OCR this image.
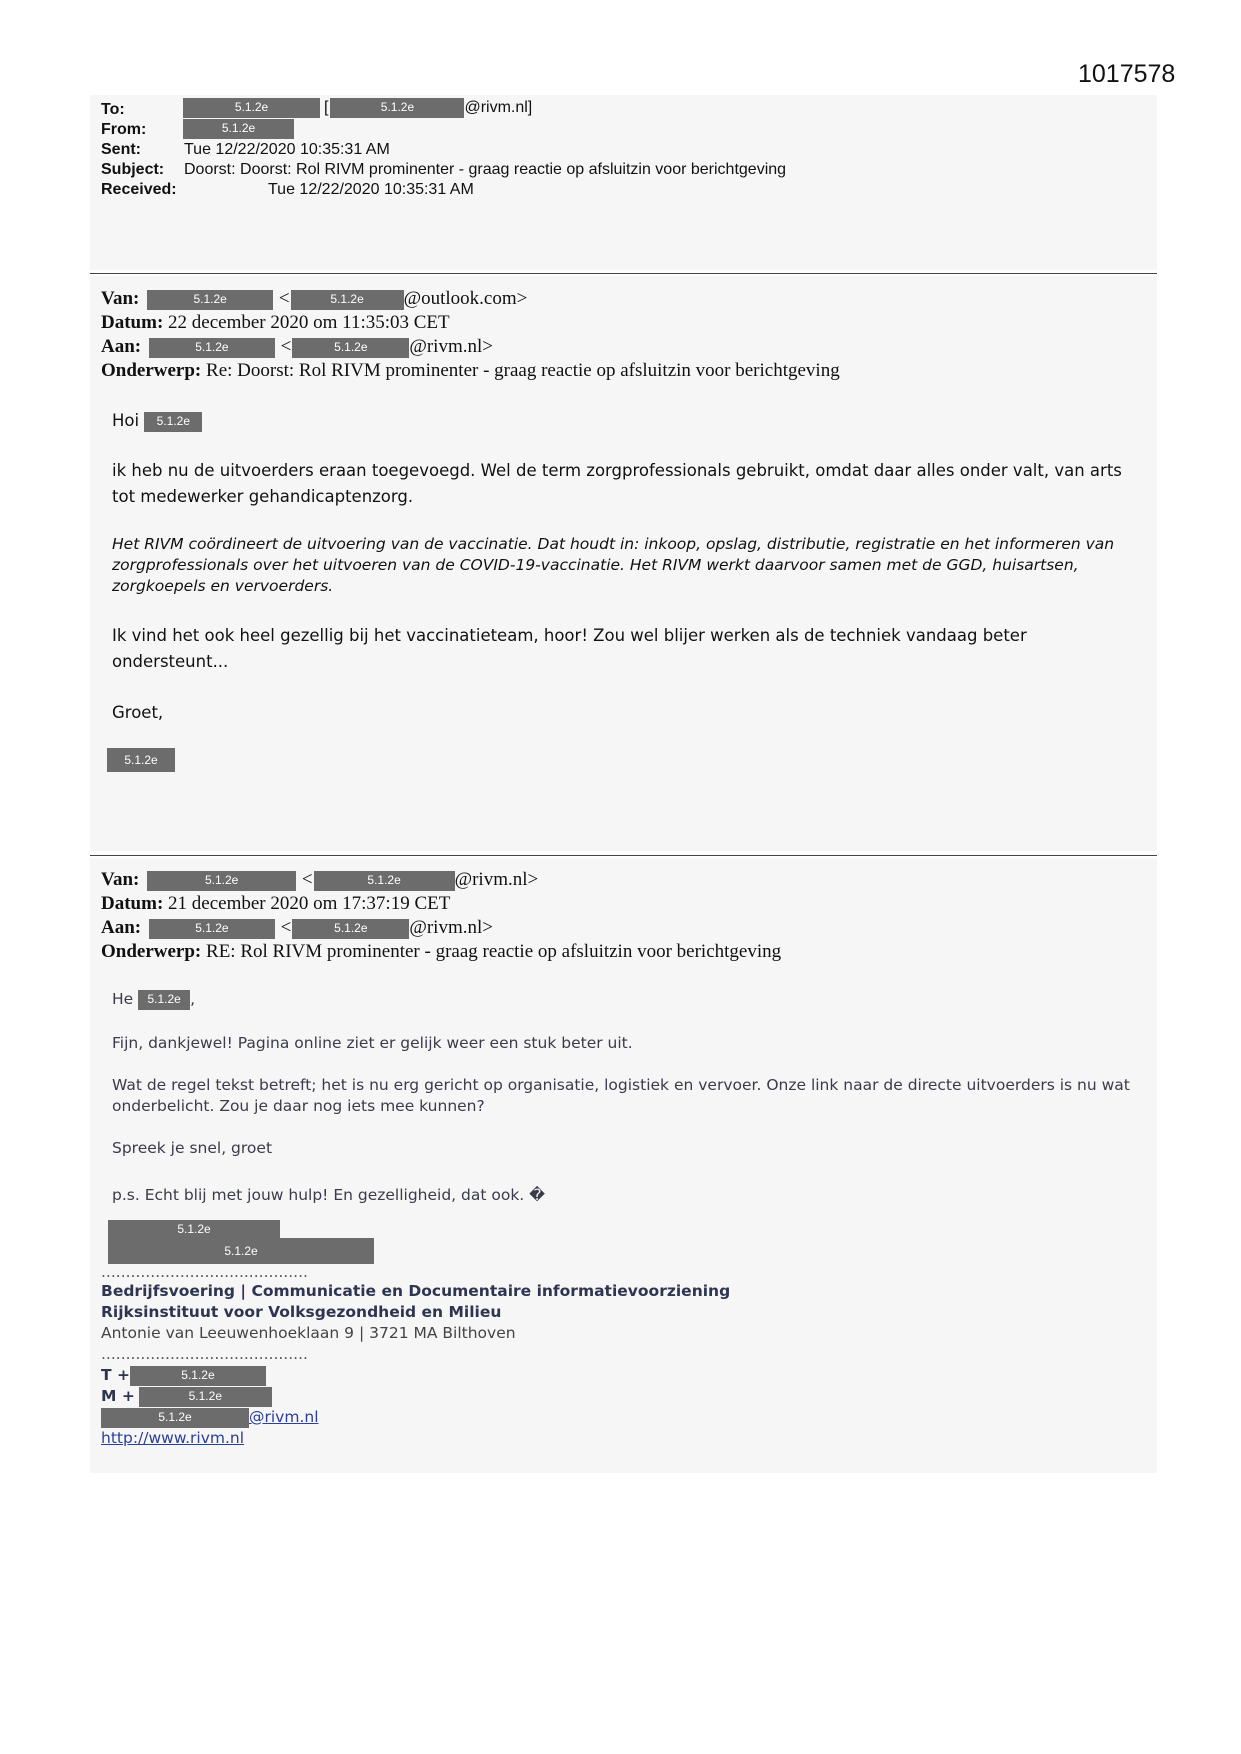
1017578
To:	5.1.2e	[	5.1.2e	@rivm.nl]
From:	5.1.2e
Sent:	Tue 12/22/2020 10:35:31 AM
Subject: Doorst: Doorst: Rol RIVM prominenter - graag reactie op afsluitzin voor berichtgeving
Received:	Tue 12/22/2020 10:35:31 AM
Van:	5.1.2e	<	5.1.2e @outlook.com>
Datum: 22 december 2020 om 11:35:03 CET
Aan:	5.1.2e	<	5.1.2e @rivm.nl>
Onderwerp: Re: Doorst: Rol RIVM prominenter - graag reactie op afsluitzin voor berichtgeving
Hoi 5.1.2e
ik heb nu de uitvoerders eraan toegevoegd. Wel de term zorgprofessionals gebruikt, omdat daar alles onder valt, van arts tot medewerker gehandicaptenzorg.
Het RIVM coördineert de uitvoering van de vaccinatie. Dat houdt in: inkoop, opslag, distributie, registratie en het informeren van zorgprofessionals over het uitvoeren van de COVID-19-vaccinatie. Het RIVM werkt daarvoor samen met de GGD, huisartsen, zorgkoepels en vervoerders.
Ik vind het ook heel gezellig bij het vaccinatieteam, hoor! Zou wel blijer werken als de techniek vandaag beter ondersteunt...
Groet,
5.1.2e
Van:	5.1.2e	<	5.1.2e	@rivm.nl>
Datum: 21 december 2020 om 17:37:19 CET
Aan:	5.1.2e	<	5.1.2e @rivm.nl>
Onderwerp: RE: Rol RIVM prominenter - graag reactie op afsluitzin voor berichtgeving
He 5.1.2e ,
Fijn, dankjewel! Pagina online ziet er gelijk weer een stuk beter uit.
Wat de regel tekst betreft; het is nu erg gericht op organisatie, logistiek en vervoer. Onze link naar de directe uitvoerders is nu wat onderbelicht. Zou je daar nog iets mee kunnen?
Spreek je snel, groet
p.s. Echt blij met jouw hulp! En gezelligheid, dat ook. �
5.1.2e
5.1.2e
..........................................
Bedrijfsvoering | Communicatie en Documentaire informatievoorziening
Rijksinstituut voor Volksgezondheid en Milieu
Antonie van Leeuwenhoeklaan 9 | 3721 MA Bilthoven
..........................................
T +	5.1.2e
M +	5.1.2e
5.1.2e	@rivm.nl
http://www.rivm.nl
